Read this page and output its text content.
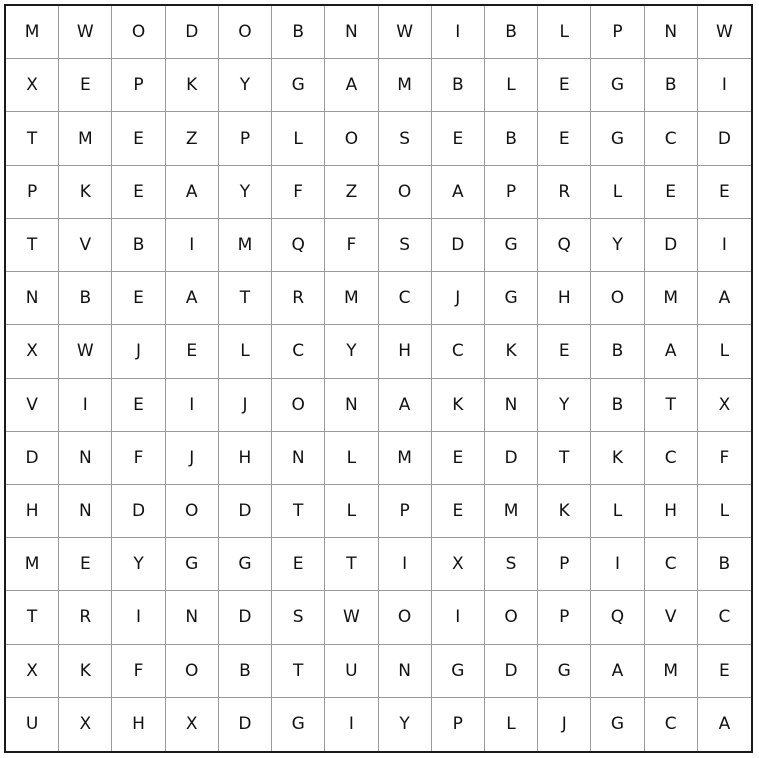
M	W	O	D	O	B	N	W	I	B	L	P	N	W
X	E	P	K	Y	G	A	M	B	L	E	G	B	I
T	M	E	Z	P	L	O	S	E	B	E	G	C	D
P	K	E	A	Y	F	Z	O	A	P	R	L	E	E
T	V	B	I	M	Q	F	S	D	G	Q	Y	D	I
N	B	E	A	T	R	M	C	J	G	H	O	M	A
X	W	J	E	L	C	Y	H	C	K	E	B	A	L
V	I	E	I	J	O	N	A	K	N	Y	B	T	X
D	N	F	J	H	N	L	M	E	D	T	K	C	F
H	N	D	O	D	T	L	P	E	M	K	L	H	L
M	E	Y	G	G	E	T	I	X	S	P	I	C	B
T	R	I	N	D	S	W	O	I	O	P	Q	V	C
X	K	F	O	B	T	U	N	G	D	G	A	M	E
U	X	H	X	D	G	I	Y	P	L	J	G	C	A
